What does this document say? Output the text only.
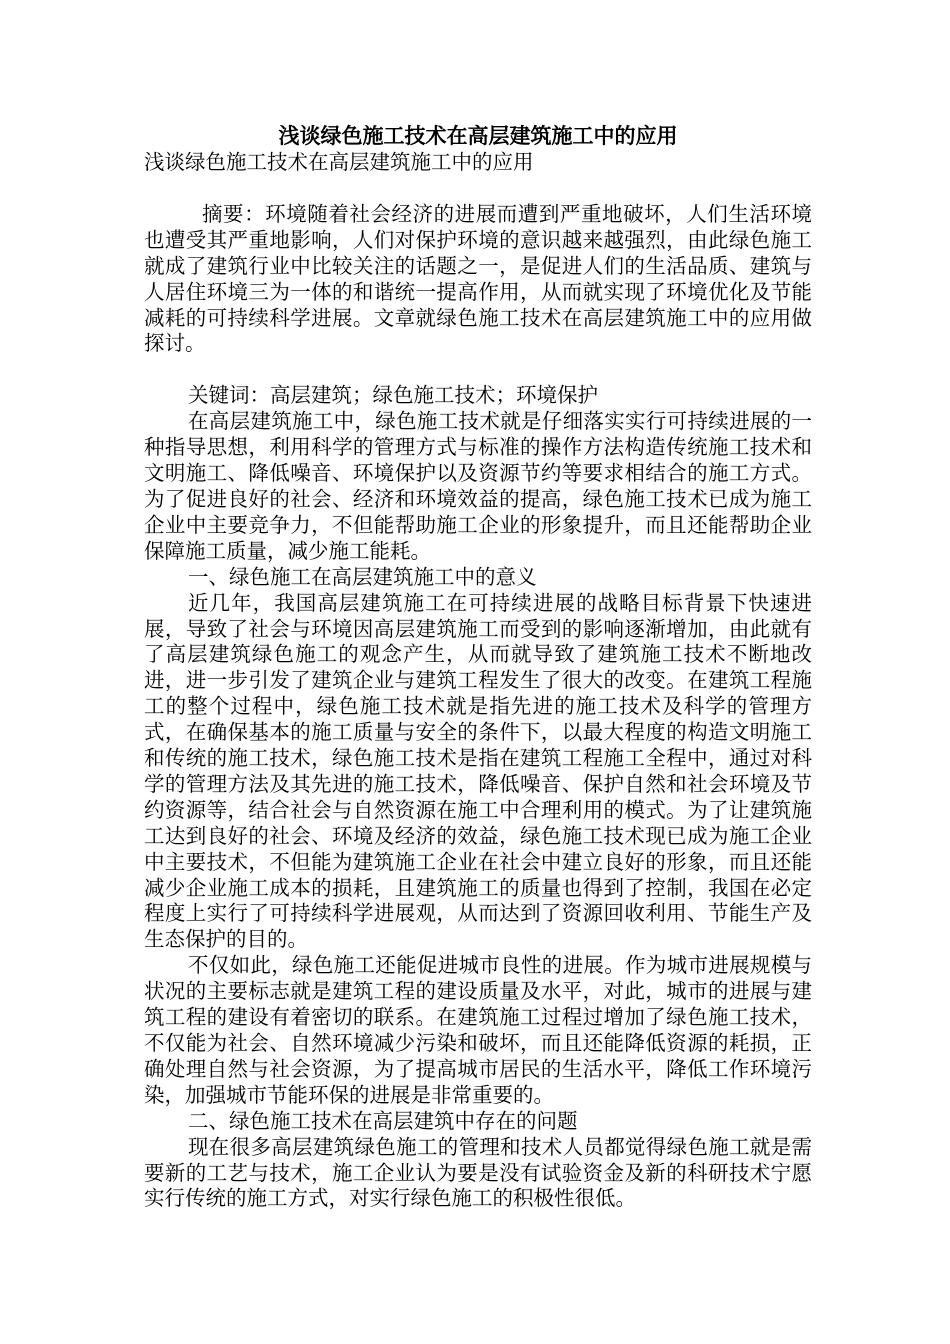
浅谈绿色施工技术在高层建筑施工中的应用

浅谈绿色施工技术在高层建筑施工中的应用

摘要：环境随着社会经济的进展而遭到严重地破坏，人们生活环境也遭受其严重地影响，人们对保护环境的意识越来越强烈，由此绿色施工就成了建筑行业中比较关注的话题之一，是促进人们的生活品质、建筑与人居住环境三为一体的和谐统一提高作用，从而就实现了环境优化及节能减耗的可持续科学进展。文章就绿色施工技术在高层建筑施工中的应用做探讨。

关键词：高层建筑；绿色施工技术；环境保护

在高层建筑施工中，绿色施工技术就是仔细落实实行可持续进展的一种指导思想，利用科学的管理方式与标准的操作方法构造传统施工技术和文明施工、降低噪音、环境保护以及资源节约等要求相结合的施工方式。为了促进良好的社会、经济和环境效益的提高，绿色施工技术已成为施工企业中主要竞争力，不但能帮助施工企业的形象提升，而且还能帮助企业保障施工质量，减少施工能耗。

一、绿色施工在高层建筑施工中的意义

近几年，我国高层建筑施工在可持续进展的战略目标背景下快速进展，导致了社会与环境因高层建筑施工而受到的影响逐渐增加，由此就有了高层建筑绿色施工的观念产生，从而就导致了建筑施工技术不断地改进，进一步引发了建筑企业与建筑工程发生了很大的改变。在建筑工程施工的整个过程中，绿色施工技术就是指先进的施工技术及科学的管理方式，在确保基本的施工质量与安全的条件下，以最大程度的构造文明施工和传统的施工技术，绿色施工技术是指在建筑工程施工全程中，通过对科学的管理方法及其先进的施工技术，降低噪音、保护自然和社会环境及节约资源等，结合社会与自然资源在施工中合理利用的模式。为了让建筑施工达到良好的社会、环境及经济的效益，绿色施工技术现已成为施工企业中主要技术，不但能为建筑施工企业在社会中建立良好的形象，而且还能减少企业施工成本的损耗，且建筑施工的质量也得到了控制，我国在必定程度上实行了可持续科学进展观，从而达到了资源回收利用、节能生产及生态保护的目的。

不仅如此，绿色施工还能促进城市良性的进展。作为城市进展规模与状况的主要标志就是建筑工程的建设质量及水平，对此，城市的进展与建筑工程的建设有着密切的联系。在建筑施工过程过增加了绿色施工技术，不仅能为社会、自然环境减少污染和破坏，而且还能降低资源的耗损，正确处理自然与社会资源，为了提高城市居民的生活水平，降低工作环境污染，加强城市节能环保的进展是非常重要的。

二、绿色施工技术在高层建筑中存在的问题

现在很多高层建筑绿色施工的管理和技术人员都觉得绿色施工就是需要新的工艺与技术，施工企业认为要是没有试验资金及新的科研技术宁愿实行传统的施工方式，对实行绿色施工的积极性很低。
